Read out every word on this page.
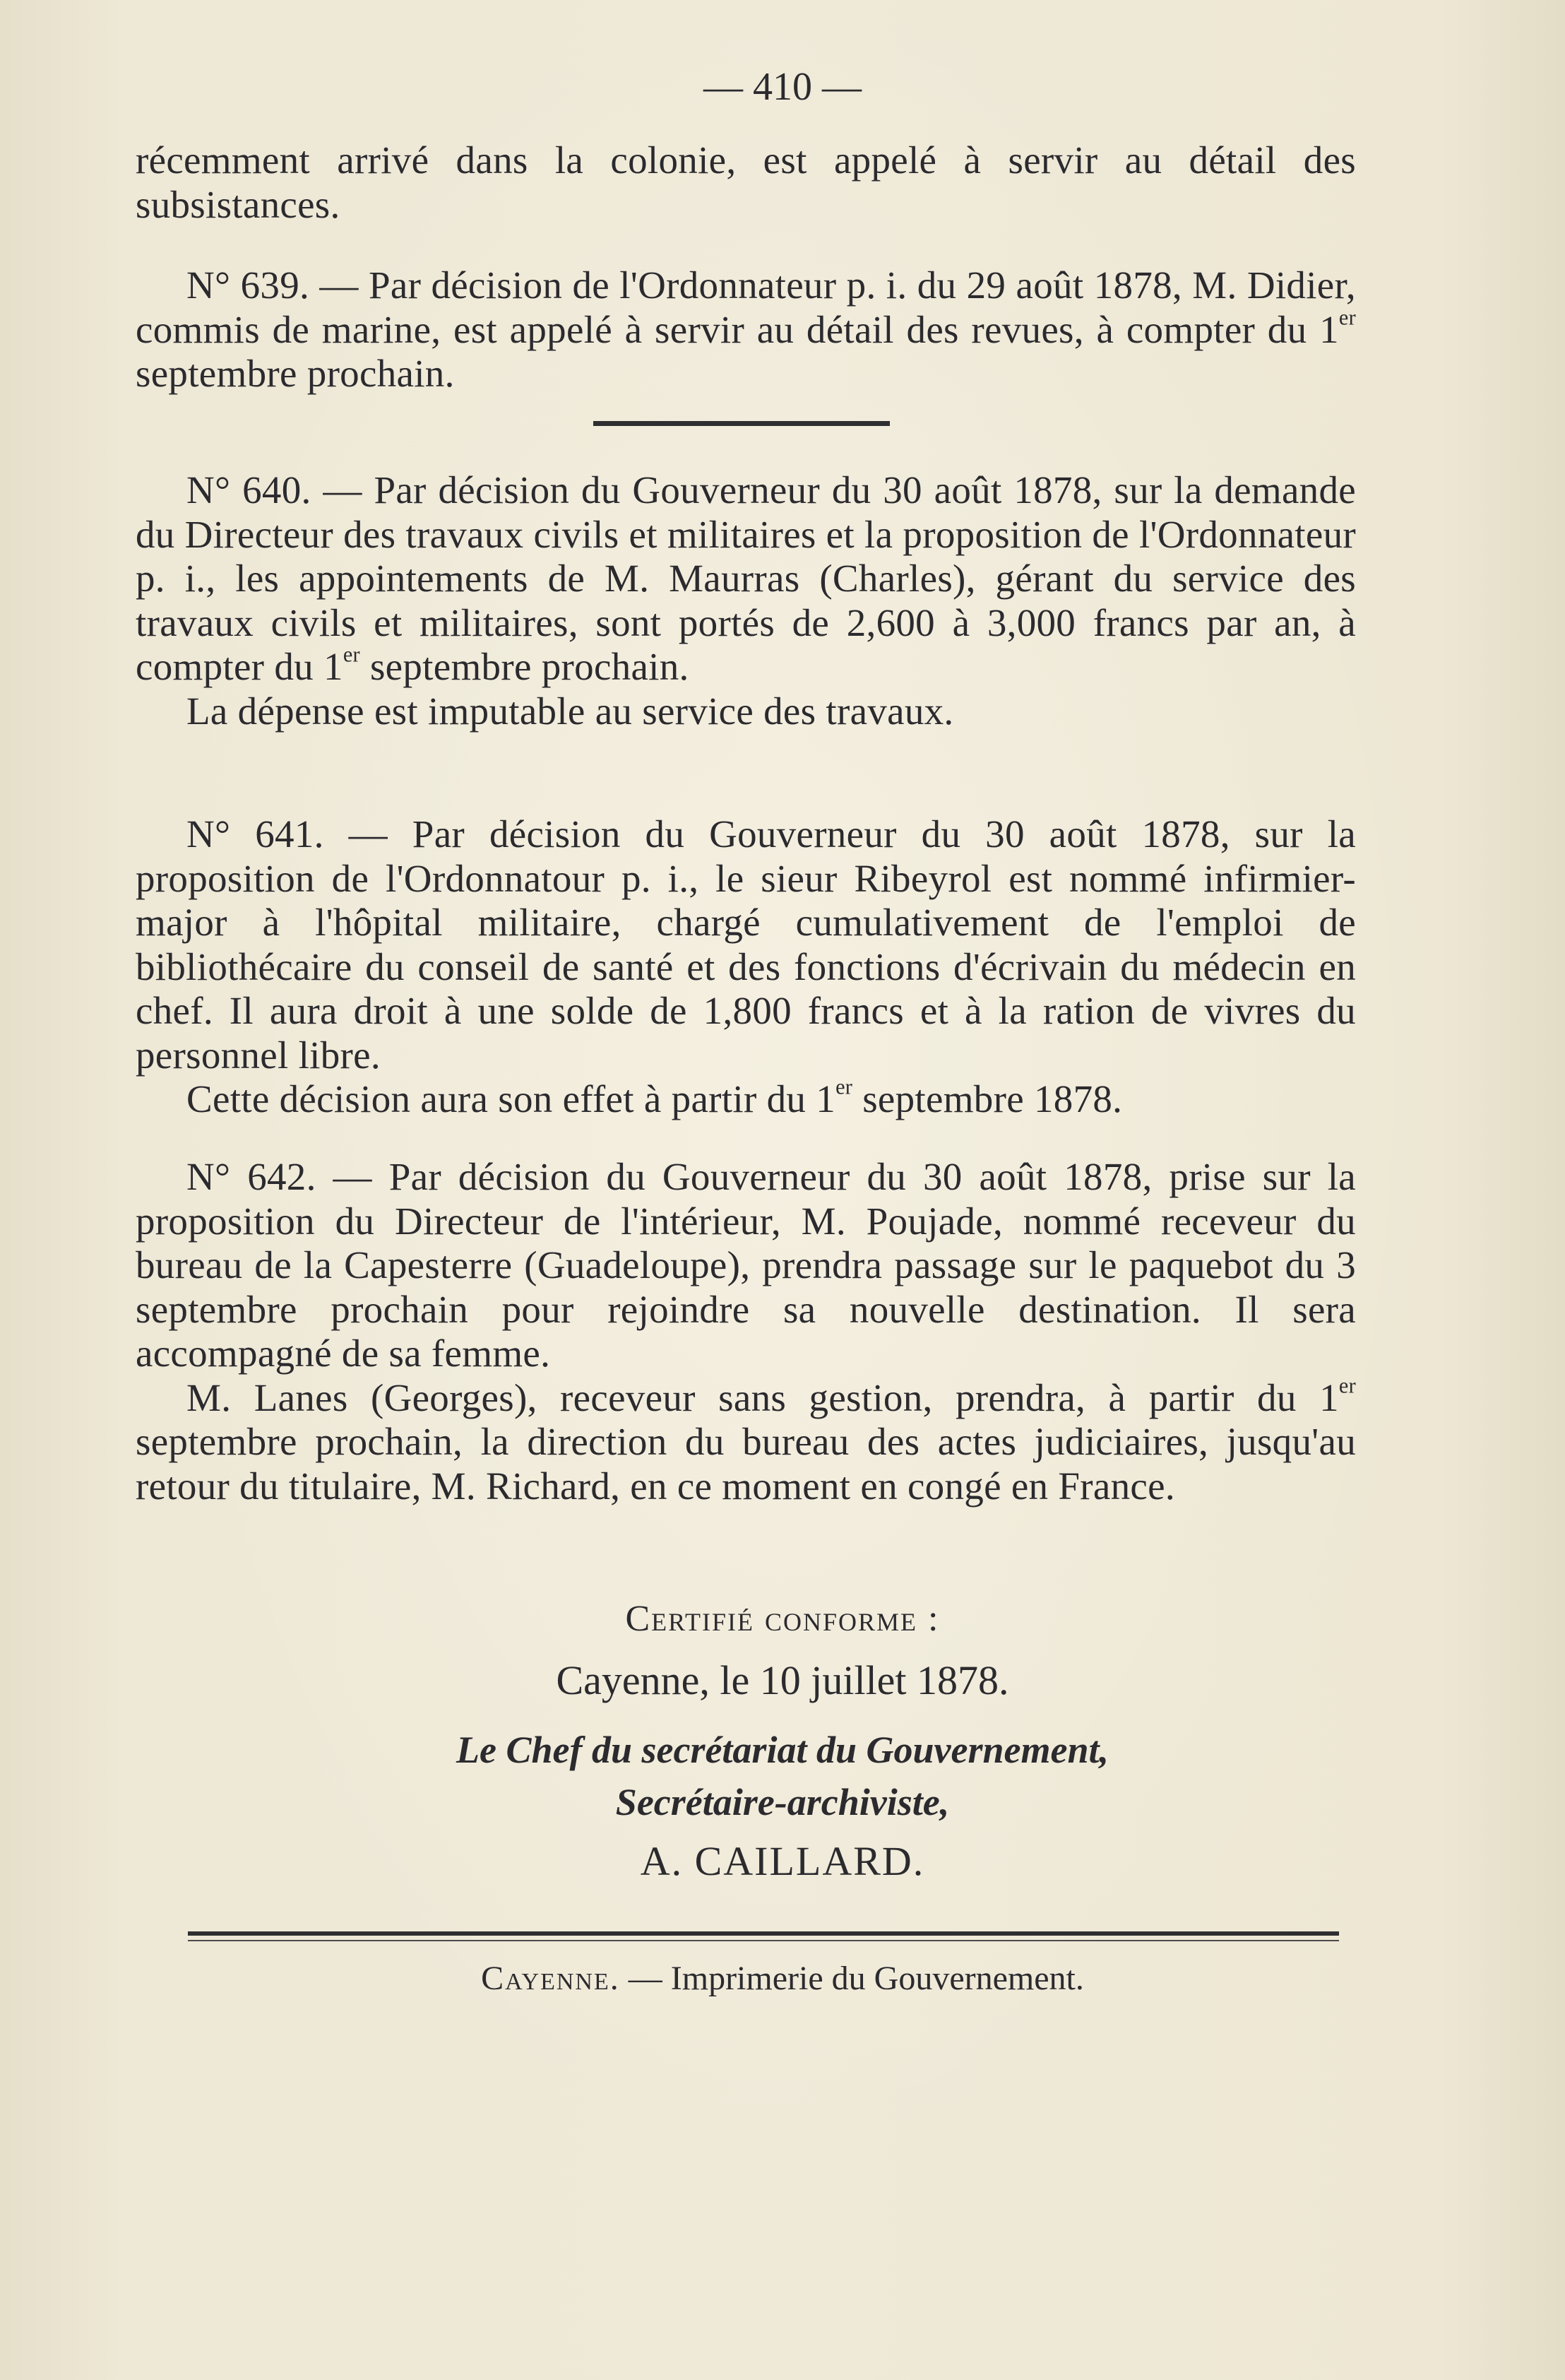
— 410 —

récemment arrivé dans la colonie, est appelé à servir au détail des subsistances.

N° 639. — Par décision de l'Ordonnateur p. i. du 29 août 1878, M. Didier, commis de marine, est appelé à servir au détail des revues, à compter du 1er septembre prochain.

N° 640. — Par décision du Gouverneur du 30 août 1878, sur la demande du Directeur des travaux civils et militaires et la proposition de l'Ordonnateur p. i., les appointements de M. Maurras (Charles), gérant du service des travaux civils et militaires, sont portés de 2,600 à 3,000 francs par an, à compter du 1er septembre prochain.

La dépense est imputable au service des travaux.

N° 641. — Par décision du Gouverneur du 30 août 1878, sur la proposition de l'Ordonnatour p. i., le sieur Ribeyrol est nommé infirmier-major à l'hôpital militaire, chargé cumulativement de l'emploi de bibliothécaire du conseil de santé et des fonctions d'écrivain du médecin en chef. Il aura droit à une solde de 1,800 francs et à la ration de vivres du personnel libre.

Cette décision aura son effet à partir du 1er septembre 1878.

N° 642. — Par décision du Gouverneur du 30 août 1878, prise sur la proposition du Directeur de l'intérieur, M. Poujade, nommé receveur du bureau de la Capesterre (Guadeloupe), prendra passage sur le paquebot du 3 septembre prochain pour rejoindre sa nouvelle destination. Il sera accompagné de sa femme.

M. Lanes (Georges), receveur sans gestion, prendra, à partir du 1er septembre prochain, la direction du bureau des actes judiciaires, jusqu'au retour du titulaire, M. Richard, en ce moment en congé en France.

Certifié conforme :
Cayenne, le 10 juillet 1878.
Le Chef du secrétariat du Gouvernement,
Secrétaire-archiviste,
A. CAILLARD.
Cayenne. — Imprimerie du Gouvernement.
